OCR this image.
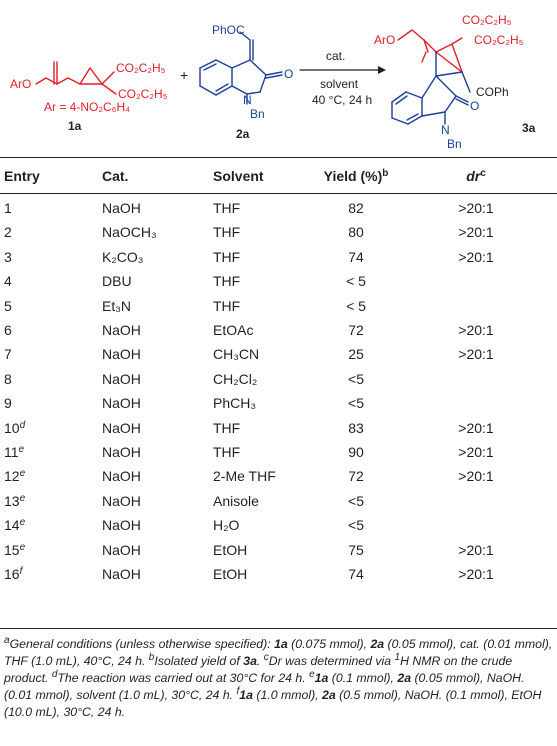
CO₂C₂H₅
CO₂C₂H₅
ArO
Ar = 4-NO₂C₆H₄
1a
+
PhOC
O
N
Bn
2a
cat.
solvent
40 °C, 24 h
ArO
CO₂C₂H₅
CO₂C₂H₅
COPh
O
N
Bn
3a
Entry	Cat.	Solvent	Yield (%)$^b$	$dr^c$
1	NaOH	THF	82	>20:1
2	NaOCH₃	THF	80	>20:1
3	K₂CO₃	THF	74	>20:1
4	DBU	THF	< 5
5	Et₃N	THF	< 5
6	NaOH	EtOAc	72	>20:1
7	NaOH	CH₃CN	25	>20:1
8	NaOH	CH₂Cl₂	<5
9	NaOH	PhCH₃	<5
10$^d$	NaOH	THF	83	>20:1
11e	NaOH	THF	90	>20:1
12e	NaOH	2-Me THF	72	>20:1
13e	NaOH	Anisole	<5
14e	NaOH	H₂O	<5
15e	NaOH	EtOH	75	>20:1
16$^f$	NaOH	EtOH	74	>20:1

$^a$General conditions (unless otherwise specified): 1a (0.075 mmol), 2a (0.05 mmol), cat. (0.01 mmol), THF (1.0 mL), 40°C, 24 h. $^b$Isolated yield of 3a. $^c$Dr was determined via $^1$H NMR on the crude product. $^d$The reaction was carried out at 30°C for 24 h. $^e$1a (0.1 mmol), 2a (0.05 mmol), NaOH. (0.01 mmol), solvent (1.0 mL), 30°C, 24 h. $^f$1a (1.0 mmol), 2a (0.5 mmol), NaOH. (0.1 mmol), EtOH (10.0 mL), 30°C, 24 h.
